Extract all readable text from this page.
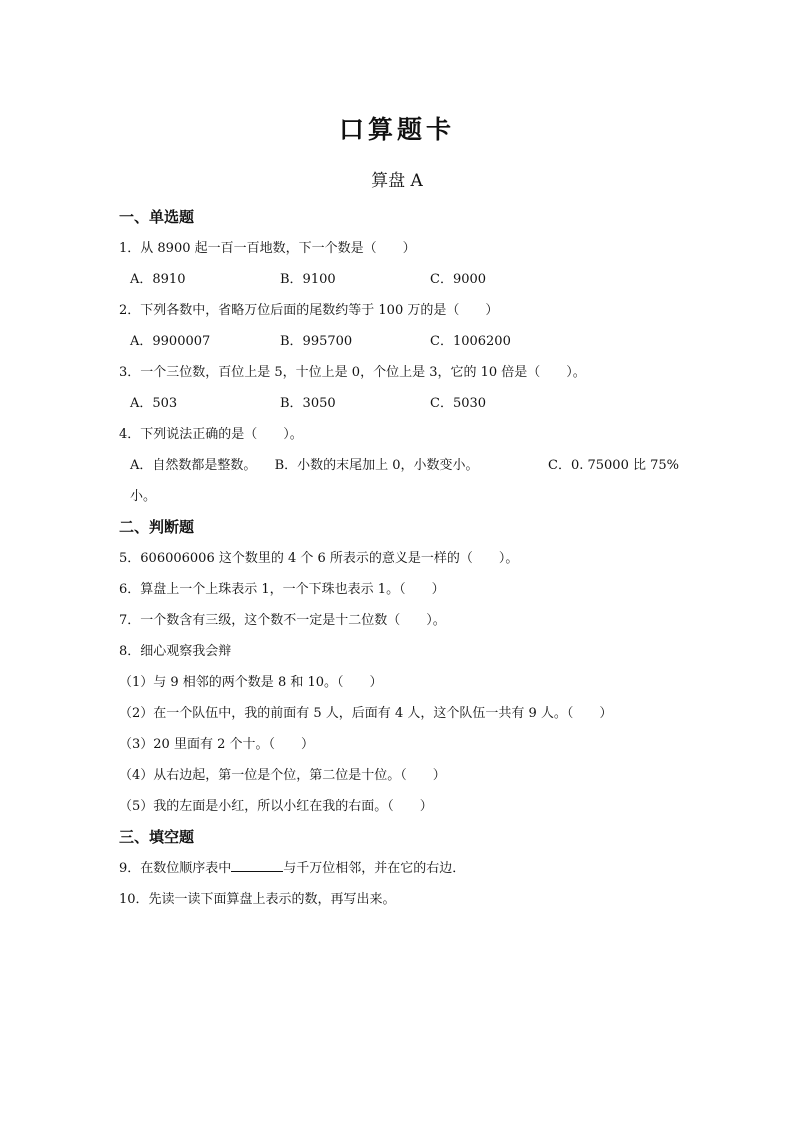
口算题卡
算盘 A
一、单选题
1．从 8900 起一百一百地数，下一个数是（　　）
A．8910	B．9100	C．9000
2．下列各数中，省略万位后面的尾数约等于 100 万的是（　　）
A．9900007	B．995700	C．1006200
3．一个三位数，百位上是 5，十位上是 0，个位上是 3，它的 10 倍是（　　）。
A．503	B．3050	C．5030
4．下列说法正确的是（　　）。
A．自然数都是整数。	B．小数的末尾加上 0，小数变小。	C．0. 75000 比 75%
小。
二、判断题
5．606006006 这个数里的 4 个 6 所表示的意义是一样的（　　）。
6．算盘上一个上珠表示 1，一个下珠也表示 1。（　　）
7．一个数含有三级，这个数不一定是十二位数（　　）。
8．细心观察我会辩
（1）与 9 相邻的两个数是 8 和 10。（　　）
（2）在一个队伍中，我的前面有 5 人，后面有 4 人，这个队伍一共有 9 人。（　　）
（3）20 里面有 2 个十。（　　）
（4）从右边起，第一位是个位，第二位是十位。（　　）
（5）我的左面是小红，所以小红在我的右面。（　　）
三、填空题
9．在数位顺序表中	与千万位相邻，并在它的右边．
10．先读一读下面算盘上表示的数，再写出来。
